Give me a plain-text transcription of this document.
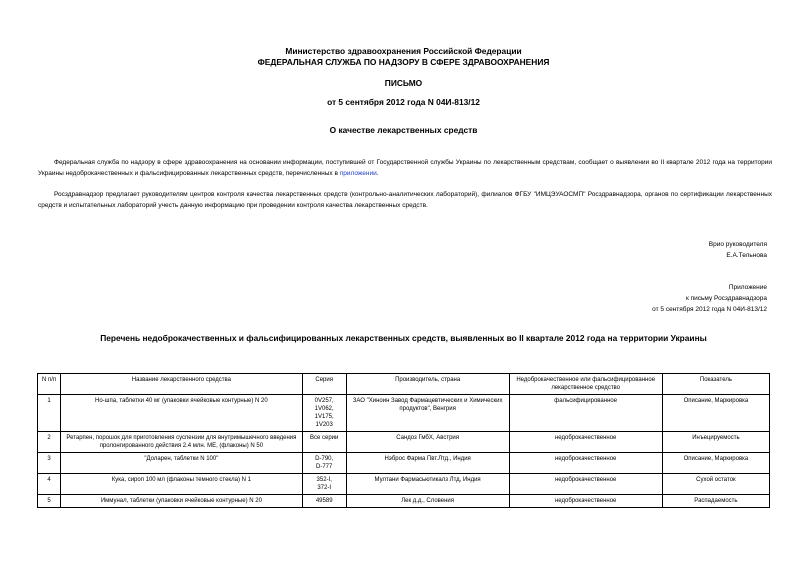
Министерство здравоохранения Российской Федерации
ФЕДЕРАЛЬНАЯ СЛУЖБА ПО НАДЗОРУ В СФЕРЕ ЗДРАВООХРАНЕНИЯ
ПИСЬМО
от 5 сентября 2012 года N 04И-813/12
О качестве лекарственных средств
Федеральная служба по надзору в сфере здравоохранения на основании информации, поступившей от Государственной службы Украины по лекарственным средствам, сообщает о выявлении во II квартале 2012 года на территории Украины недоброкачественных и фальсифицированных лекарственных средств, перечисленных в приложении.
Росздравнадзор предлагает руководителям центров контроля качества лекарственных средств (контрольно-аналитических лабораторий), филиалов ФГБУ "ИМЦЭУАОСМП" Росздравнадзора, органов по сертификации лекарственных средств и испытательных лабораторий учесть данную информацию при проведении контроля качества лекарственных средств.
Врио руководителя
Е.А.Тельнова
Приложение
к письму Росздравнадзора
от 5 сентября 2012 года N 04И-813/12
Перечень недоброкачественных и фальсифицированных лекарственных средств, выявленных во II квартале 2012 года на территории Украины
N п/п	Название лекарственного средства	Серия	Производитель, страна	Недоброкачественное или фальсифицированное лекарственное средство	Показатель
1	Но-шпа, таблетки 40 мг (упаковки ячейковые контурные) N 20	0V257,
1V062,
1V175,
1V203	ЗАО "Хиноин Завод Фармацевтических и Химических продуктов", Венгрия	фальсифицированное	Описание, Маркировка
2	Ретарпен, порошок для приготовления суспензии для внутримышечного введения пролонгированного действия 2.4 млн. МЕ, (флаконы) N 50	Все серии	Сандоз ГмбХ, Австрия	недоброкачественное	Инъецируемость
3	"Доларен, таблетки N 100"	D-790,
D-777	Нэброс Фарма Пвт.Лтд., Индия	недоброкачественное	Описание, Маркировка
4	Кука, сироп 100 мл (флаконы темного стекла) N 1	352-I,
372-I	Мултани Фармасьютикалз Лтд, Индия	недоброкачественное	Сухой остаток
5	Иммунал, таблетки (упаковки ячейковые контурные) N 20	49589	Лек д.д., Словения	недоброкачественное	Распадаемость
